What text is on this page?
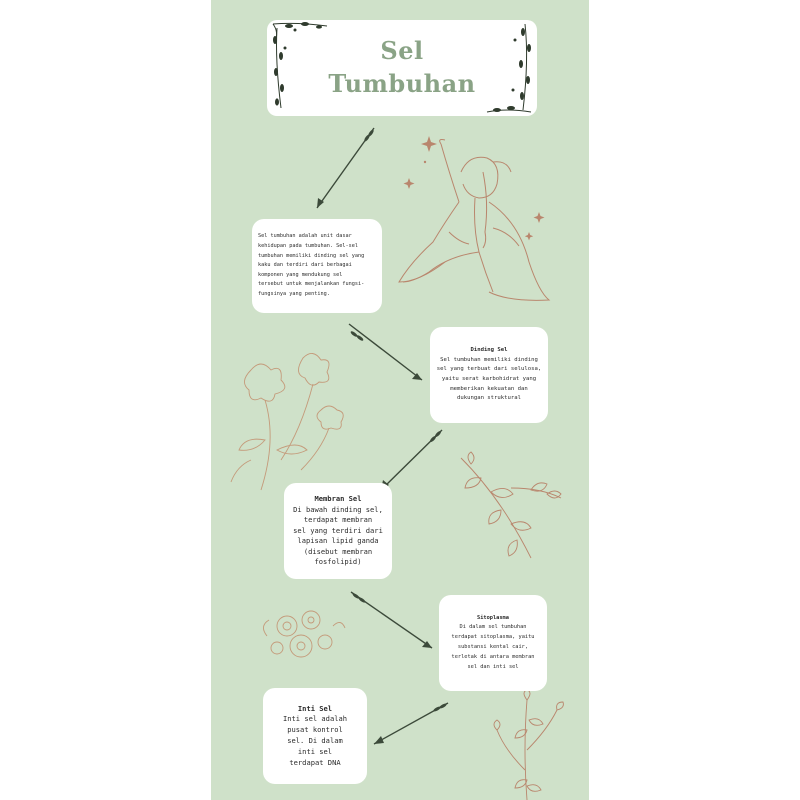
Sel
Tumbuhan

Sel tumbuhan adalah unit dasar
kehidupan pada tumbuhan. Sel-sel
tumbuhan memiliki dinding sel yang
kaku dan terdiri dari berbagai
komponen yang mendukung sel
tersebut untuk menjalankan fungsi-
fungsinya yang penting.

Dinding Sel

Sel tumbuhan memiliki dinding
sel yang terbuat dari selulosa,
yaitu serat karbohidrat yang
memberikan kekuatan dan
dukungan struktural

Membran Sel

Di bawah dinding sel,
terdapat membran
sel yang terdiri dari
lapisan lipid ganda
(disebut membran
fosfolipid)

Sitoplasma

Di dalam sel tumbuhan
terdapat sitoplasma, yaitu
substansi kental cair,
terletak di antara membran
sel dan inti sel

Inti Sel

Inti sel adalah
pusat kontrol
sel. Di dalam
inti sel
terdapat DNA
